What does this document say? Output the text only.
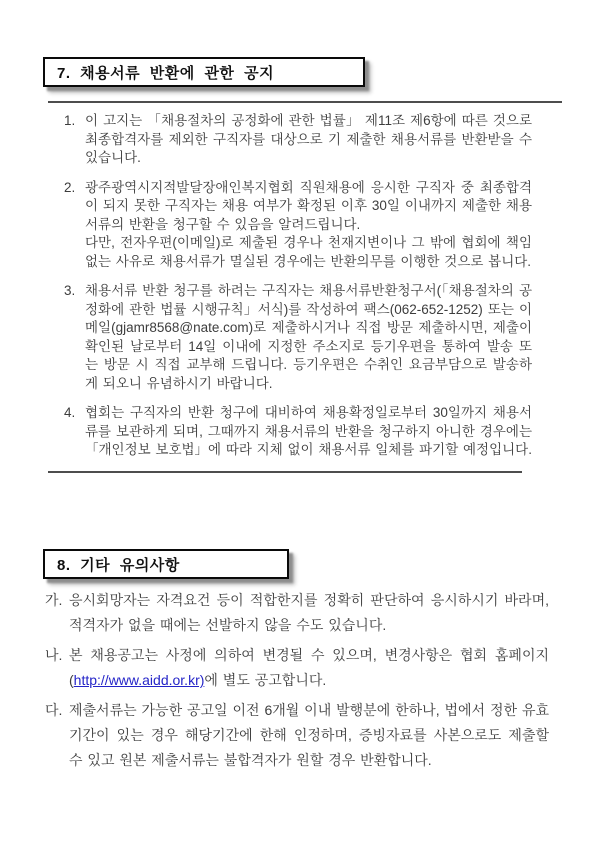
7. 채용서류 반환에 관한 공지
1. 이 고지는 「채용절차의 공정화에 관한 법률」 제11조 제6항에 따른 것으로 최종합격자를 제외한 구직자를 대상으로 기 제출한 채용서류를 반환받을 수 있습니다.
2. 광주광역시지적발달장애인복지협회 직원채용에 응시한 구직자 중 최종합격이 되지 못한 구직자는 채용 여부가 확정된 이후 30일 이내까지 제출한 채용서류의 반환을 청구할 수 있음을 알려드립니다.
다만, 전자우편(이메일)로 제출된 경우나 천재지변이나 그 밖에 협회에 책임 없는 사유로 채용서류가 멸실된 경우에는 반환의무를 이행한 것으로 봅니다.
3. 채용서류 반환 청구를 하려는 구직자는 채용서류반환청구서(「채용절차의 공정화에 관한 법률 시행규칙」서식)를 작성하여 팩스(062-652-1252) 또는 이메일(gjamr8568@nate.com)로 제출하시거나 직접 방문 제출하시면, 제출이 확인된 날로부터 14일 이내에 지정한 주소지로 등기우편을 통하여 발송 또는 방문 시 직접 교부해 드립니다. 등기우편은 수취인 요금부담으로 발송하게 되오니 유념하시기 바랍니다.
4. 협회는 구직자의 반환 청구에 대비하여 채용확정일로부터 30일까지 채용서류를 보관하게 되며, 그때까지 채용서류의 반환을 청구하지 아니한 경우에는 「개인정보 보호법」에 따라 지체 없이 채용서류 일체를 파기할 예정입니다.
8. 기타 유의사항
가. 응시회망자는 자격요건 등이 적합한지를 정확히 판단하여 응시하시기 바라며, 적격자가 없을 때에는 선발하지 않을 수도 있습니다.
나. 본 채용공고는 사정에 의하여 변경될 수 있으며, 변경사항은 협회 홈페이지(http://www.aidd.or.kr)에 별도 공고합니다.
다. 제출서류는 가능한 공고일 이전 6개월 이내 발행분에 한하나, 법에서 정한 유효기간이 있는 경우 해당기간에 한해 인정하며, 증빙자료를 사본으로도 제출할 수 있고 원본 제출서류는 불합격자가 원할 경우 반환합니다.
